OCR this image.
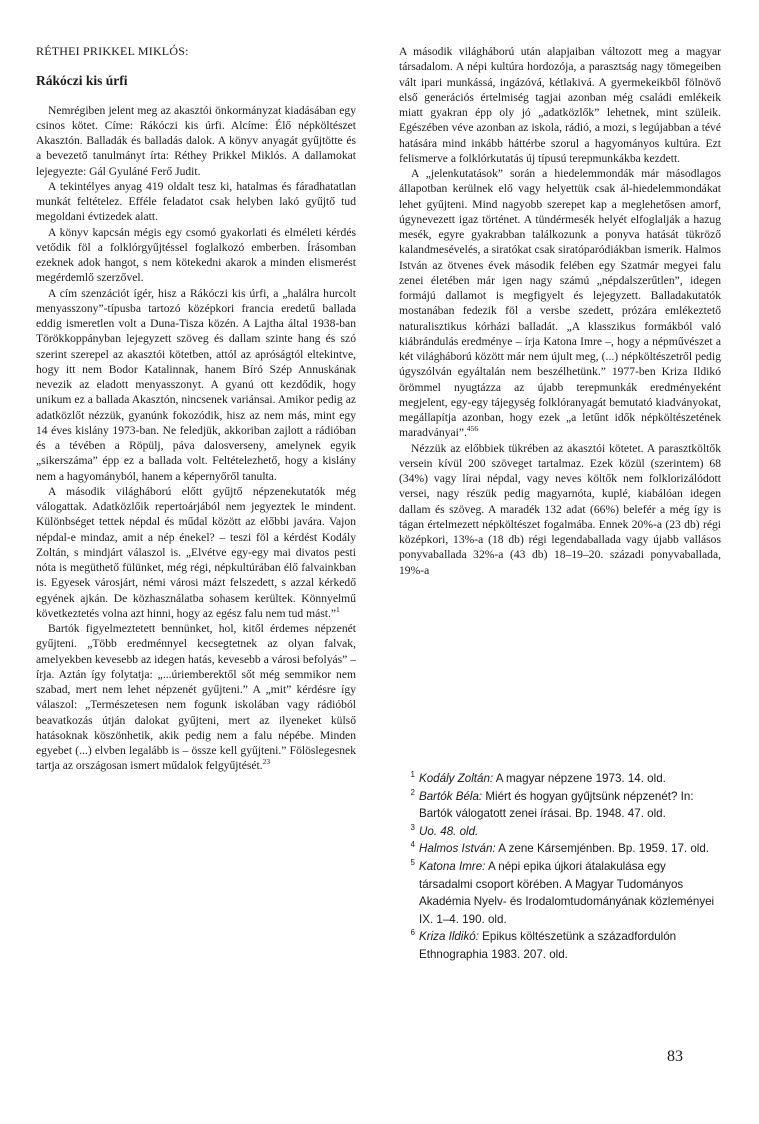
RÉTHEI PRIKKEL MIKLÓS:
Rákóczi kis úrfi

Nemrégiben jelent meg az akasztói önkormányzat kiadásában egy csinos kötet. Címe: Rákóczi kis úrfi. Alcíme: Élő népköltészet Akasztón. Balladák és balladás dalok. A könyv anyagát gyűjtötte és a bevezető tanulmányt írta: Réthey Prikkel Miklós. A dallamokat lejegyezte: Gál Gyuláné Ferő Judit.

A tekintélyes anyag 419 oldalt tesz ki, hatalmas és fáradhatatlan munkát feltételez. Efféle feladatot csak helyben lakó gyűjtő tud megoldani évtizedek alatt.

A könyv kapcsán mégis egy csomó gyakorlati és elméleti kérdés vetődik föl a folklórgyűjtéssel foglalkozó emberben. Írásomban ezeknek adok hangot, s nem kötekedni akarok a minden elismerést megérdemlő szerzővel.

A cím szenzációt ígér, hisz a Rákóczi kis úrfi, a „halálra hurcolt menyasszony”-típusba tartozó középkori francia eredetű ballada eddig ismeretlen volt a Duna-Tisza közén. A Lajtha által 1938-ban Törökkoppányban lejegyzett szöveg és dallam szinte hang és szó szerint szerepel az akasztói kötetben, attól az apróságtól eltekintve, hogy itt nem Bodor Katalinnak, hanem Bíró Szép Annuskának nevezik az eladott menyasszonyt. A gyanú ott kezdődik, hogy unikum ez a ballada Akasztón, nincsenek variánsai. Amikor pedig az adatközlőt nézzük, gyanúnk fokozódik, hisz az nem más, mint egy 14 éves kislány 1973-ban. Ne feledjük, akkoriban zajlott a rádióban és a tévében a Röpülj, páva dalosverseny, amelynek egyik „sikerszáma” épp ez a ballada volt. Feltételezhető, hogy a kislány nem a hagyományból, hanem a képernyőről tanulta.

A második világháború előtt gyűjtő népzenekutatók még válogattak. Adatközlőik repertoárjából nem jegyeztek le mindent. Különbséget tettek népdal és műdal között az előbbi javára. Vajon népdal-e mindaz, amit a nép énekel? – teszi föl a kérdést Kodály Zoltán, s mindjárt válaszol is. „Elvétve egy-egy mai divatos pesti nóta is megüthető fülünket, még régi, népkultúrában élő falvainkban is. Egyesek városjárt, némi városi mázt felszedett, s azzal kérkedő egyének ajkán. De közhasználatba sohasem kerültek. Könnyelmű következtetés volna azt hinni, hogy az egész falu nem tud mást.”$^1$

Bartók figyelmeztetett bennünket, hol, kitől érdemes népzenét gyűjteni. „Több eredménnyel kecsegtetnek az olyan falvak, amelyekben kevesebb az idegen hatás, kevesebb a városi befolyás” – írja. Aztán így folytatja: „...úriemberektől sőt még semmikor nem szabad, mert nem lehet népzenét gyűjteni.” A „mit” kérdésre így válaszol: „Természetesen nem fogunk iskolában vagy rádióból beavatkozás útján dalokat gyűjteni, mert az ilyeneket külső hatásoknak köszönhetik, akik pedig nem a falu népébe. Minden egyebet (...) elvben legalább is – össze kell gyűjteni.” Fölöslegesnek tartja az országosan ismert műdalok felgyűjtését.$^{23}$

A második világháború után alapjaiban változott meg a magyar társadalom. A népi kultúra hordozója, a parasztság nagy tömegeiben vált ipari munkássá, ingázóvá, kétlakivá. A gyermekeikből fölnövő első generációs értelmiség tagjai azonban még családi emlékeik miatt gyakran épp oly jó „adatközlők” lehetnek, mint szüleik. Egészében véve azonban az iskola, rádió, a mozi, s legújabban a tévé hatására mind inkább háttérbe szorul a hagyományos kultúra. Ezt felismerve a folklórkutatás új típusú terepmunkákba kezdett.

A „jelenkutatások” során a hiedelemmondák már másodlagos állapotban kerülnek elő vagy helyettük csak ál-hiedelemmondákat lehet gyűjteni. Mind nagyobb szerepet kap a meglehetősen amorf, úgynevezett igaz történet. A tündérmesék helyét elfoglalják a hazug mesék, egyre gyakrabban találkozunk a ponyva hatását tükröző kalandmesévelés, a siratókat csak siratóparódiákban ismerik. Halmos István az ötvenes évek második felében egy Szatmár megyei falu zenei életében már igen nagy számú „népdalszerűtlen”, idegen formájú dallamot is megfigyelt és lejegyzett. Balladakutatók mostanában fedezik föl a versbe szedett, prózára emlékeztető naturalisztikus kórházi balladát. „A klasszikus formákból való kiábrándulás eredménye – írja Katona Imre –, hogy a népművészet a két világháború között már nem újult meg, (...) népköltészetről pedig úgyszólván egyáltalán nem beszélhetünk.” 1977-ben Kriza Ildikó örömmel nyugtázza az újabb terepmunkák eredményeként megjelent, egy-egy tájegység folklóranyagát bemutató kiadványokat, megállapítja azonban, hogy ezek „a letűnt idők népköltészetének maradványai”.$^{456}$

Nézzük az előbbiek tükrében az akasztói kötetet. A parasztköltők versein kívül 200 szöveget tartalmaz. Ezek közül (szerintem) 68 (34%) vagy lírai népdal, vagy neves költők nem folklorizálódott versei, nagy részük pedig magyarnóta, kuplé, kiabálóan idegen dallam és szöveg. A maradék 132 adat (66%) belefér a még így is tágan értelmezett népköltészet fogalmába. Ennek 20%-a (23 db) régi középkori, 13%-a (18 db) régi legendaballada vagy újabb vallásos ponyvaballada 32%-a (43 db) 18–19–20. századi ponyvaballada, 19%-a

1 Kodály Zoltán: A magyar népzene 1973. 14. old.
2 Bartók Béla: Miért és hogyan gyűjtsünk népzenét? In: Bartók válogatott zenei írásai. Bp. 1948. 47. old.
3 Uo. 48. old.
4 Halmos István: A zene Kársemjénben. Bp. 1959. 17. old.
5 Katona Imre: A népi epika újkori átalakulása egy társadalmi csoport körében. A Magyar Tudományos Akadémia Nyelv- és Irodalomtudományának közleményei IX. 1–4. 190. old.
6 Kriza Ildikó: Epikus költészetünk a századfordulón Ethnographia 1983. 207. old.
83
